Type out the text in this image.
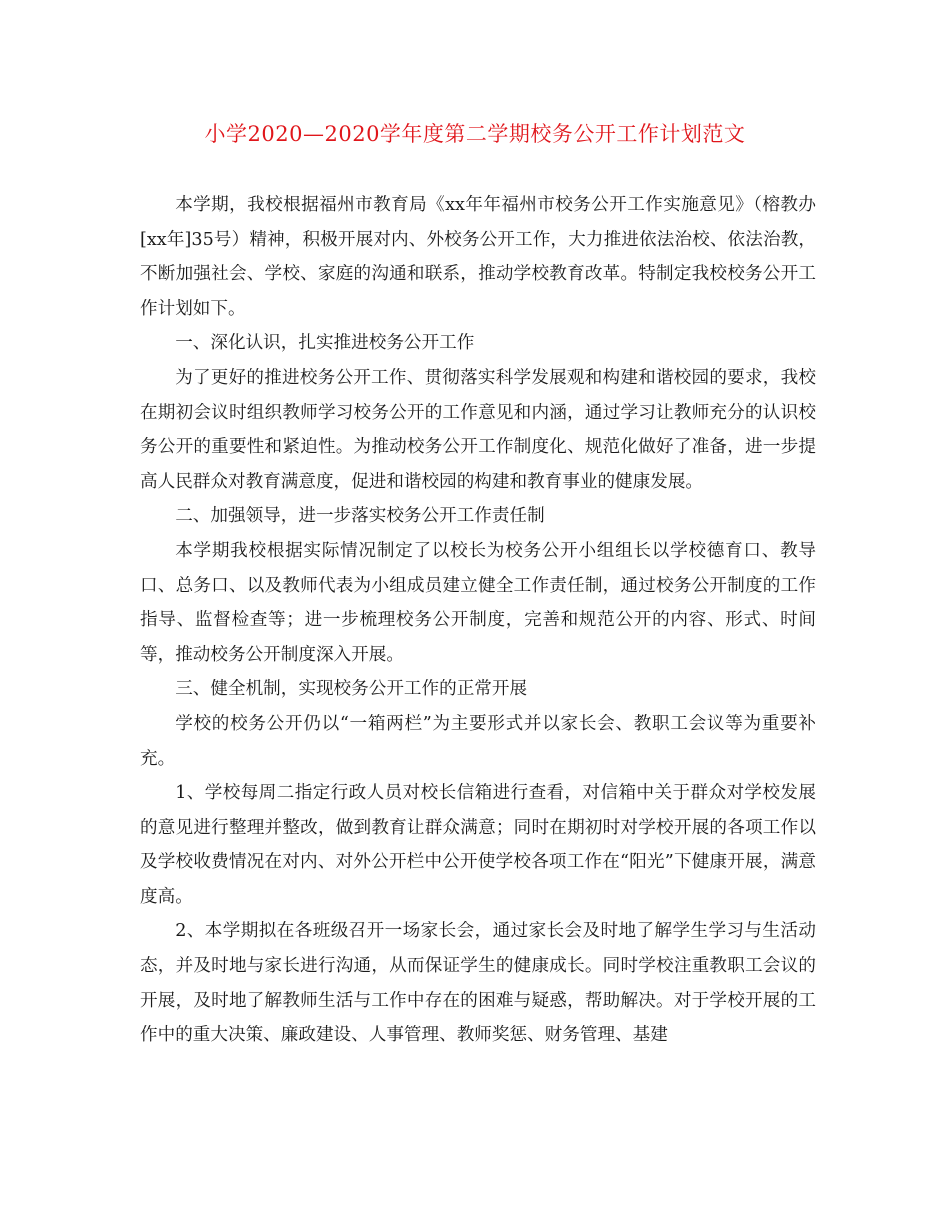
小学2020—2020学年度第二学期校务公开工作计划范文

本学期，我校根据福州市教育局《xx年年福州市校务公开工作实施意见》（榕教办[xx年]35号）精神，积极开展对内、外校务公开工作，大力推进依法治校、依法治教，不断加强社会、学校、家庭的沟通和联系，推动学校教育改革。特制定我校校务公开工作计划如下。

一、深化认识，扎实推进校务公开工作

为了更好的推进校务公开工作、贯彻落实科学发展观和构建和谐校园的要求，我校在期初会议时组织教师学习校务公开的工作意见和内涵，通过学习让教师充分的认识校务公开的重要性和紧迫性。为推动校务公开工作制度化、规范化做好了准备，进一步提高人民群众对教育满意度，促进和谐校园的构建和教育事业的健康发展。

二、加强领导，进一步落实校务公开工作责任制

本学期我校根据实际情况制定了以校长为校务公开小组组长以学校德育口、教导口、总务口、以及教师代表为小组成员建立健全工作责任制，通过校务公开制度的工作指导、监督检查等；进一步梳理校务公开制度，完善和规范公开的内容、形式、时间等，推动校务公开制度深入开展。

三、健全机制，实现校务公开工作的正常开展

学校的校务公开仍以“一箱两栏”为主要形式并以家长会、教职工会议等为重要补充。

1、学校每周二指定行政人员对校长信箱进行查看，对信箱中关于群众对学校发展的意见进行整理并整改，做到教育让群众满意；同时在期初时对学校开展的各项工作以及学校收费情况在对内、对外公开栏中公开使学校各项工作在“阳光”下健康开展，满意度高。

2、本学期拟在各班级召开一场家长会，通过家长会及时地了解学生学习与生活动态，并及时地与家长进行沟通，从而保证学生的健康成长。同时学校注重教职工会议的开展，及时地了解教师生活与工作中存在的困难与疑惑，帮助解决。对于学校开展的工作中的重大决策、廉政建设、人事管理、教师奖惩、财务管理、基建
